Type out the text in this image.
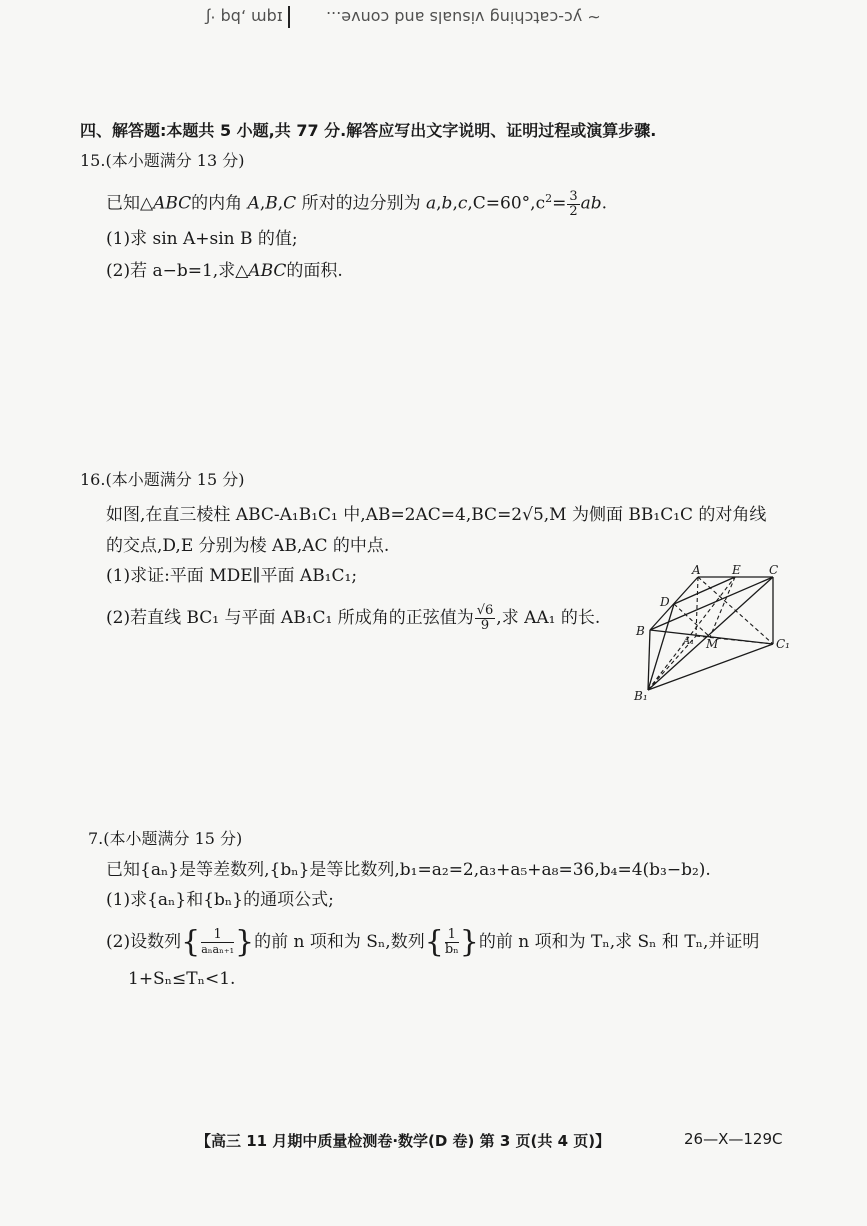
ɪqm ,bq ·ʃ	~ yc-catching visuals and conve...
四、解答题:本题共 5 小题,共 77 分.解答应写出文字说明、证明过程或演算步骤.
15.(本小题满分 13 分)
已知△ABC的内角 A,B,C 所对的边分别为 $a,b,c,C=60^\circ,c^2= \frac{3}{2}$ ab.
(1)求 sin A+sin B 的值;
(2)若 a−b=1,求△ABC的面积.
16.(本小题满分 15 分)
如图,在直三棱柱 ABC-A₁B₁C₁ 中,AB=2AC=4,BC=2√5,M 为侧面 BB₁C₁C 的对角线
的交点,D,E 分别为棱 AB,AC 的中点.
(1)求证:平面 MDE∥平面 AB₁C₁;
(2)若直线 BC₁ 与平面 AB₁C₁ 所成角的正弦值为 $\frac{√6}{9}$ ,求 AA₁ 的长.
A	E C
D
B
A₁ M	C₁
B₁
7.(本小题满分 15 分)
已知{aₙ}是等差数列,{bₙ}是等比数列,b₁=a₂=2,a₃+a₅+a₈=36,b₄=4(b₃−b₂).
(1)求{aₙ}和{bₙ}的通项公式;
(2)设数列{ $\frac{1}{\text{aₙaₙ₊₁}}$ }的前 n 项和为 Sₙ,数列{ $\frac{1}{\text{bₙ}}$ }的前 n 项和为 Tₙ,求 Sₙ 和 Tₙ,并证明
1+Sₙ≤Tₙ<1.
【高三 11 月期中质量检测卷·数学(D 卷) 第 3 页(共 4 页)】	26—X—129C
